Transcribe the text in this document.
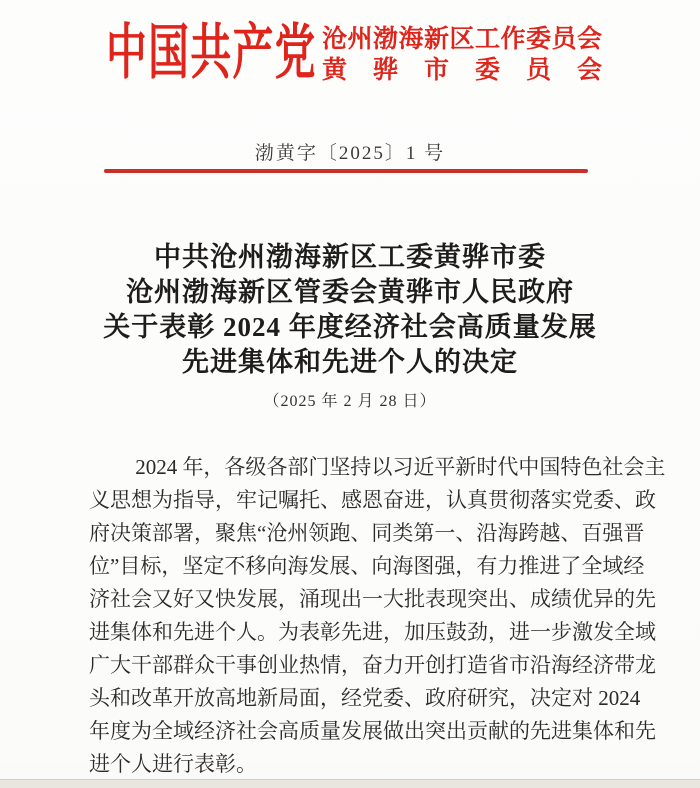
中国共产党 沧州渤海新区工作委员会
黄骅市委员会
渤黄字〔2025〕1 号
中共沧州渤海新区工委黄骅市委
沧州渤海新区管委会黄骅市人民政府
关于表彰 2024 年度经济社会高质量发展
先进集体和先进个人的决定
（2025 年 2 月 28 日）
2024 年，各级各部门坚持以习近平新时代中国特色社会主
义思想为指导，牢记嘱托、感恩奋进，认真贯彻落实党委、政
府决策部署，聚焦“沧州领跑、同类第一、沿海跨越、百强晋
位”目标，坚定不移向海发展、向海图强，有力推进了全域经
济社会又好又快发展，涌现出一大批表现突出、成绩优异的先
进集体和先进个人。为表彰先进，加压鼓劲，进一步激发全域
广大干部群众干事创业热情，奋力开创打造省市沿海经济带龙
头和改革开放高地新局面，经党委、政府研究，决定对 2024
年度为全域经济社会高质量发展做出突出贡献的先进集体和先
进个人进行表彰。
